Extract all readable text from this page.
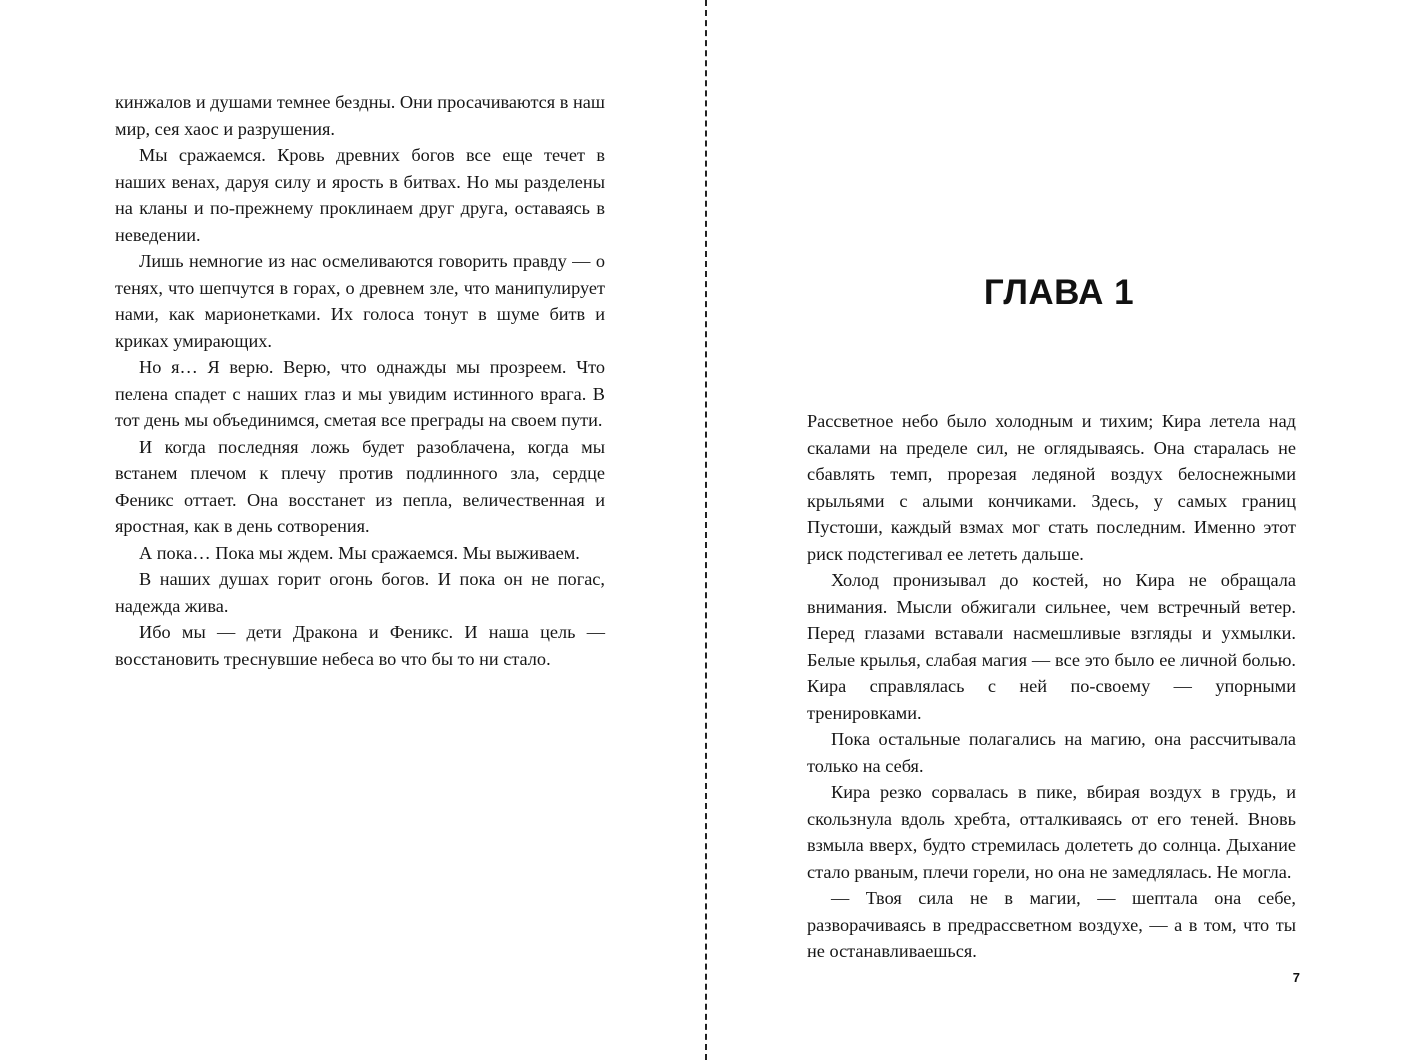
кинжалов и душами темнее бездны. Они просачиваются в наш мир, сея хаос и разрушения.

Мы сражаемся. Кровь древних богов все еще течет в наших венах, даруя силу и ярость в битвах. Но мы разделены на кланы и по-прежнему проклинаем друг друга, оставаясь в неведении.

Лишь немногие из нас осмеливаются говорить правду — о тенях, что шепчутся в горах, о древнем зле, что манипулирует нами, как марионетками. Их голоса тонут в шуме битв и криках умирающих.

Но я… Я верю. Верю, что однажды мы прозреем. Что пелена спадет с наших глаз и мы увидим истинного врага. В тот день мы объединимся, сметая все преграды на своем пути.

И когда последняя ложь будет разоблачена, когда мы встанем плечом к плечу против подлинного зла, сердце Феникс оттает. Она восстанет из пепла, величественная и яростная, как в день сотворения.

А пока… Пока мы ждем. Мы сражаемся. Мы выживаем.

В наших душах горит огонь богов. И пока он не погас, надежда жива.

Ибо мы — дети Дракона и Феникс. И наша цель — восстановить треснувшие небеса во что бы то ни стало.

ГЛАВА 1

Рассветное небо было холодным и тихим; Кира летела над скалами на пределе сил, не оглядываясь. Она старалась не сбавлять темп, прорезая ледяной воздух белоснежными крыльями с алыми кончиками. Здесь, у самых границ Пустоши, каждый взмах мог стать последним. Именно этот риск подстегивал ее лететь дальше.

Холод пронизывал до костей, но Кира не обращала внимания. Мысли обжигали сильнее, чем встречный ветер. Перед глазами вставали насмешливые взгляды и ухмылки. Белые крылья, слабая магия — все это было ее личной болью. Кира справлялась с ней по-своему — упорными тренировками.

Пока остальные полагались на магию, она рассчитывала только на себя.

Кира резко сорвалась в пике, вбирая воздух в грудь, и скользнула вдоль хребта, отталкиваясь от его теней. Вновь взмыла вверх, будто стремилась долететь до солнца. Дыхание стало рваным, плечи горели, но она не замедлялась. Не могла.

— Твоя сила не в магии, — шептала она себе, разворачиваясь в предрассветном воздухе, — а в том, что ты не останавливаешься.

7
